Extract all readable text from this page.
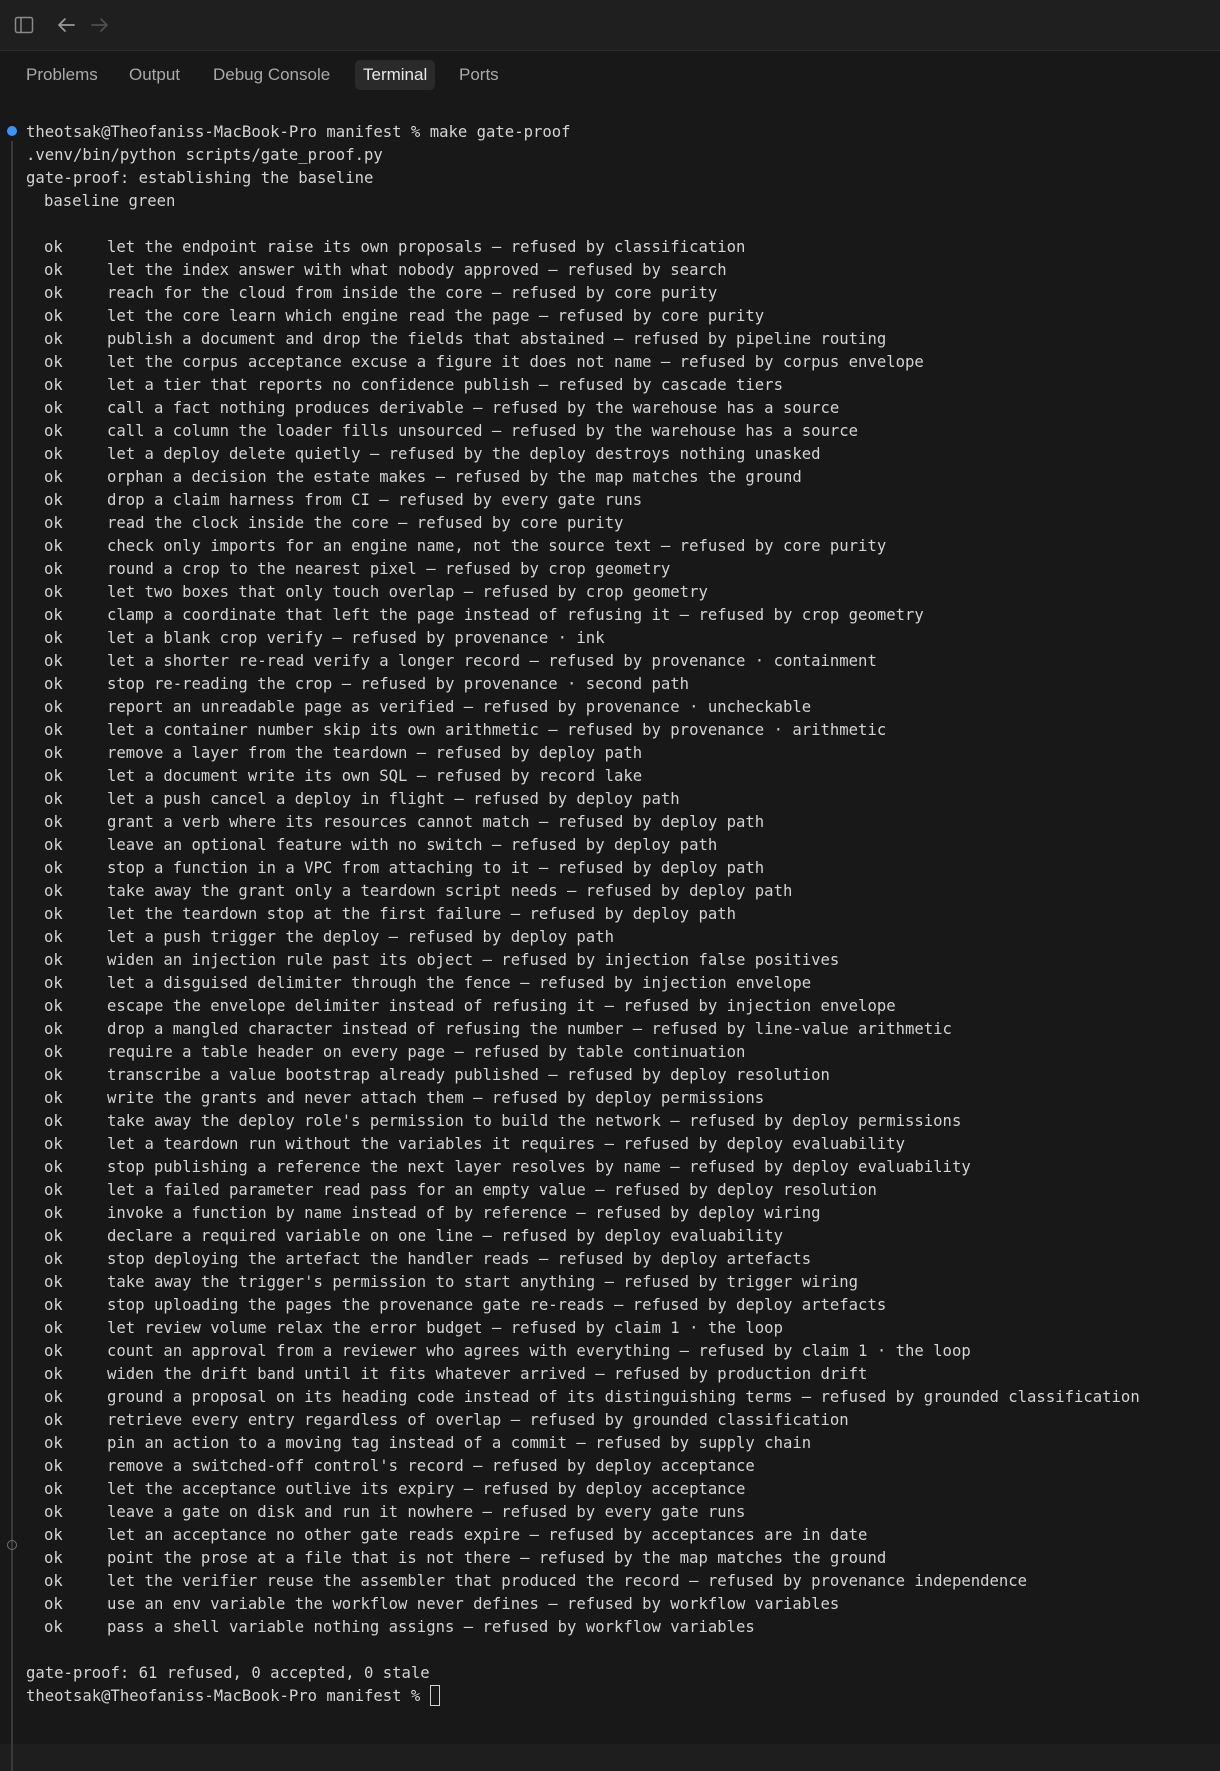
Problems	Output	Debug Console	Terminal	Ports
theotsak@Theofaniss-MacBook-Pro manifest % make gate-proof
.venv/bin/python scripts/gate_proof.py
gate-proof: establishing the baseline
baseline green
ok	let the endpoint raise its own proposals — refused by classification
ok	let the index answer with what nobody approved — refused by search
ok	reach for the cloud from inside the core — refused by core purity
ok	let the core learn which engine read the page — refused by core purity
ok	publish a document and drop the fields that abstained — refused by pipeline routing
ok	let the corpus acceptance excuse a figure it does not name — refused by corpus envelope
ok	let a tier that reports no confidence publish — refused by cascade tiers
ok	call a fact nothing produces derivable — refused by the warehouse has a source
ok	call a column the loader fills unsourced — refused by the warehouse has a source
ok	let a deploy delete quietly — refused by the deploy destroys nothing unasked
ok	orphan a decision the estate makes — refused by the map matches the ground
ok	drop a claim harness from CI — refused by every gate runs
ok	read the clock inside the core — refused by core purity
ok	check only imports for an engine name, not the source text — refused by core purity
ok	round a crop to the nearest pixel — refused by crop geometry
ok	let two boxes that only touch overlap — refused by crop geometry
ok	clamp a coordinate that left the page instead of refusing it — refused by crop geometry
ok	let a blank crop verify — refused by provenance · ink
ok	let a shorter re-read verify a longer record — refused by provenance · containment
ok	stop re-reading the crop — refused by provenance · second path
ok	report an unreadable page as verified — refused by provenance · uncheckable
ok	let a container number skip its own arithmetic — refused by provenance · arithmetic
ok	remove a layer from the teardown — refused by deploy path
ok	let a document write its own SQL — refused by record lake
ok	let a push cancel a deploy in flight — refused by deploy path
ok	grant a verb where its resources cannot match — refused by deploy path
ok	leave an optional feature with no switch — refused by deploy path
ok	stop a function in a VPC from attaching to it — refused by deploy path
ok	take away the grant only a teardown script needs — refused by deploy path
ok	let the teardown stop at the first failure — refused by deploy path
ok	let a push trigger the deploy — refused by deploy path
ok	widen an injection rule past its object — refused by injection false positives
ok	let a disguised delimiter through the fence — refused by injection envelope
ok	escape the envelope delimiter instead of refusing it — refused by injection envelope
ok	drop a mangled character instead of refusing the number — refused by line-value arithmetic
ok	require a table header on every page — refused by table continuation
ok	transcribe a value bootstrap already published — refused by deploy resolution
ok	write the grants and never attach them — refused by deploy permissions
ok	take away the deploy role's permission to build the network — refused by deploy permissions
ok	let a teardown run without the variables it requires — refused by deploy evaluability
ok	stop publishing a reference the next layer resolves by name — refused by deploy evaluability
ok	let a failed parameter read pass for an empty value — refused by deploy resolution
ok	invoke a function by name instead of by reference — refused by deploy wiring
ok	declare a required variable on one line — refused by deploy evaluability
ok	stop deploying the artefact the handler reads — refused by deploy artefacts
ok	take away the trigger's permission to start anything — refused by trigger wiring
ok	stop uploading the pages the provenance gate re-reads — refused by deploy artefacts
ok	let review volume relax the error budget — refused by claim 1 · the loop
ok	count an approval from a reviewer who agrees with everything — refused by claim 1 · the loop
ok	widen the drift band until it fits whatever arrived — refused by production drift
ok	ground a proposal on its heading code instead of its distinguishing terms — refused by grounded classification
ok	retrieve every entry regardless of overlap — refused by grounded classification
ok	pin an action to a moving tag instead of a commit — refused by supply chain
ok	remove a switched-off control's record — refused by deploy acceptance
ok	let the acceptance outlive its expiry — refused by deploy acceptance
ok	leave a gate on disk and run it nowhere — refused by every gate runs
ok	let an acceptance no other gate reads expire — refused by acceptances are in date
ok	point the prose at a file that is not there — refused by the map matches the ground
ok	let the verifier reuse the assembler that produced the record — refused by provenance independence
ok	use an env variable the workflow never defines — refused by workflow variables
ok	pass a shell variable nothing assigns — refused by workflow variables
gate-proof: 61 refused, 0 accepted, 0 stale
theotsak@Theofaniss-MacBook-Pro manifest %
